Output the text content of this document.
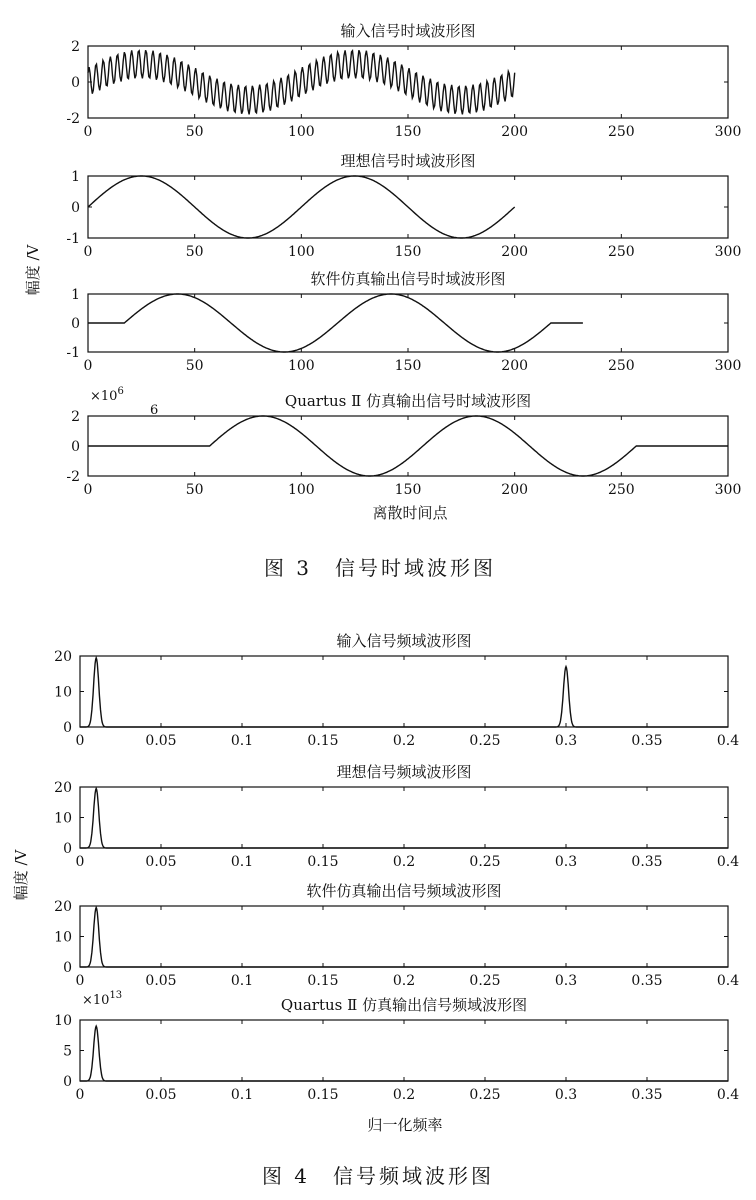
幅度 /V
离散时间点
图 3　信号时域波形图
幅度 /V
归一化频率
图 4　信号频域波形图
输入信号时域波形图
0	50	100	150	200	250	300
2
0
-2
理想信号时域波形图
0	50	100	150	200	250	300
1
0
-1
软件仿真输出信号时域波形图
0	50	100	150	200	250	300
1
0
-1
Quartus Ⅱ 仿真输出信号时域波形图
0	50	100	150	200	250	300
2
0
-2
$\times 10^6$
6
输入信号频域波形图
0	0.05	0.1	0.15	0.2	0.25	0.3	0.35	0.4
20
10
0
理想信号频域波形图
0	0.05	0.1	0.15	0.2	0.25	0.3	0.35	0.4
20
10
0
软件仿真输出信号频域波形图
0	0.05	0.1	0.15	0.2	0.25	0.3	0.35	0.4
20
10
0
Quartus Ⅱ 仿真输出信号频域波形图
0	0.05	0.1	0.15	0.2	0.25	0.3	0.35	0.4
10
5
0
$\times 10^{13}$
